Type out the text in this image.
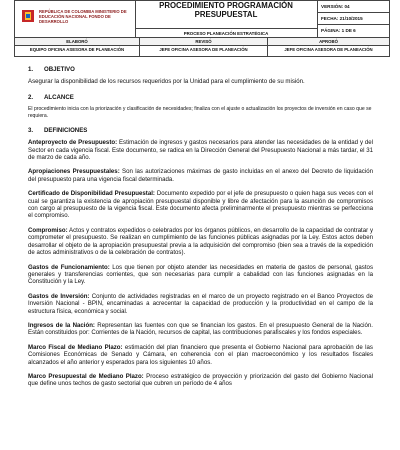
REPÚBLICA DE COLOMBIA MINISTERIO DE EDUCACIÓN NACIONAL FONDO DE DESARROLLO
PROCEDIMIENTO PROGRAMACIÓN
PRESUPUESTAL
PROCESO PLANEACIÓN ESTRATÉGICA
VERSIÓN: 04
FECHA: 21/10/2015
PÁGINA: 1 DE 6
ELABORÓ
EQUIPO OFICINA ASESORA DE PLANEACIÓN
REVISÓ
JEFE OFICINA ASESORA DE PLANEACIÓN
APROBÓ
JEFE OFICINA ASESORA DE PLANEACIÓN
1. OBJETIVO

Asegurar la disponibilidad de los recursos requeridos por la Unidad para el cumplimiento de su misión.

2. ALCANCE

El procedimiento inicia con la priorización y clasificación de necesidades; finaliza con el ajuste o actualización los proyectos de inversión en caso que se requiera.

3. DEFINICIONES

Anteproyecto de Presupuesto: Estimación de ingresos y gastos necesarios para atender las necesidades de la entidad y del Sector en cada vigencia fiscal. Este documento, se radica en la Dirección General del Presupuesto Nacional a más tardar, el 31 de marzo de cada año.

Apropiaciones Presupuestales: Son las autorizaciones máximas de gasto incluidas en el anexo del Decreto de liquidación del presupuesto para una vigencia fiscal determinada.

Certificado de Disponibilidad Presupuestal: Documento expedido por el jefe de presupuesto o quien haga sus veces con el cual se garantiza la existencia de apropiación presupuestal disponible y libre de afectación para la asunción de compromisos con cargo al presupuesto de la vigencia fiscal. Este documento afecta preliminarmente el presupuesto mientras se perfecciona el compromiso.

Compromiso: Actos y contratos expedidos o celebrados por los órganos públicos, en desarrollo de la capacidad de contratar y comprometer el presupuesto. Se realizan en cumplimiento de las funciones públicas asignadas por la Ley. Estos actos deben desarrollar el objeto de la apropiación presupuestal previa a la adquisición del compromiso (bien sea a través de la expedición de actos administrativos o de la celebración de contratos).

Gastos de Funcionamiento: Los que tienen por objeto atender las necesidades en materia de gastos de personal, gastos generales y transferencias corrientes, que son necesarias para cumplir a cabalidad con las funciones asignadas en la Constitución y la Ley.

Gastos de Inversión: Conjunto de actividades registradas en el marco de un proyecto registrado en el Banco Proyectos de Inversión Nacional - BPIN, encaminadas a acrecentar la capacidad de producción y la productividad en el campo de la estructura física, económica y social.

Ingresos de la Nación: Representan las fuentes con que se financian los gastos. En el presupuesto General de la Nación. Están constituidos por: Corrientes de la Nación, recursos de capital, las contribuciones parafiscales y los fondos especiales.

Marco Fiscal de Mediano Plazo: estimación del plan financiero que presenta el Gobierno Nacional para aprobación de las Comisiones Económicas de Senado y Cámara, en coherencia con el plan macroeconómico y los resultados fiscales alcanzados el año anterior y esperados para los siguientes 10 años.

Marco Presupuestal de Mediano Plazo: Proceso estratégico de proyección y priorización del gasto del Gobierno Nacional que define unos techos de gasto sectorial que cubren un período de 4 años
